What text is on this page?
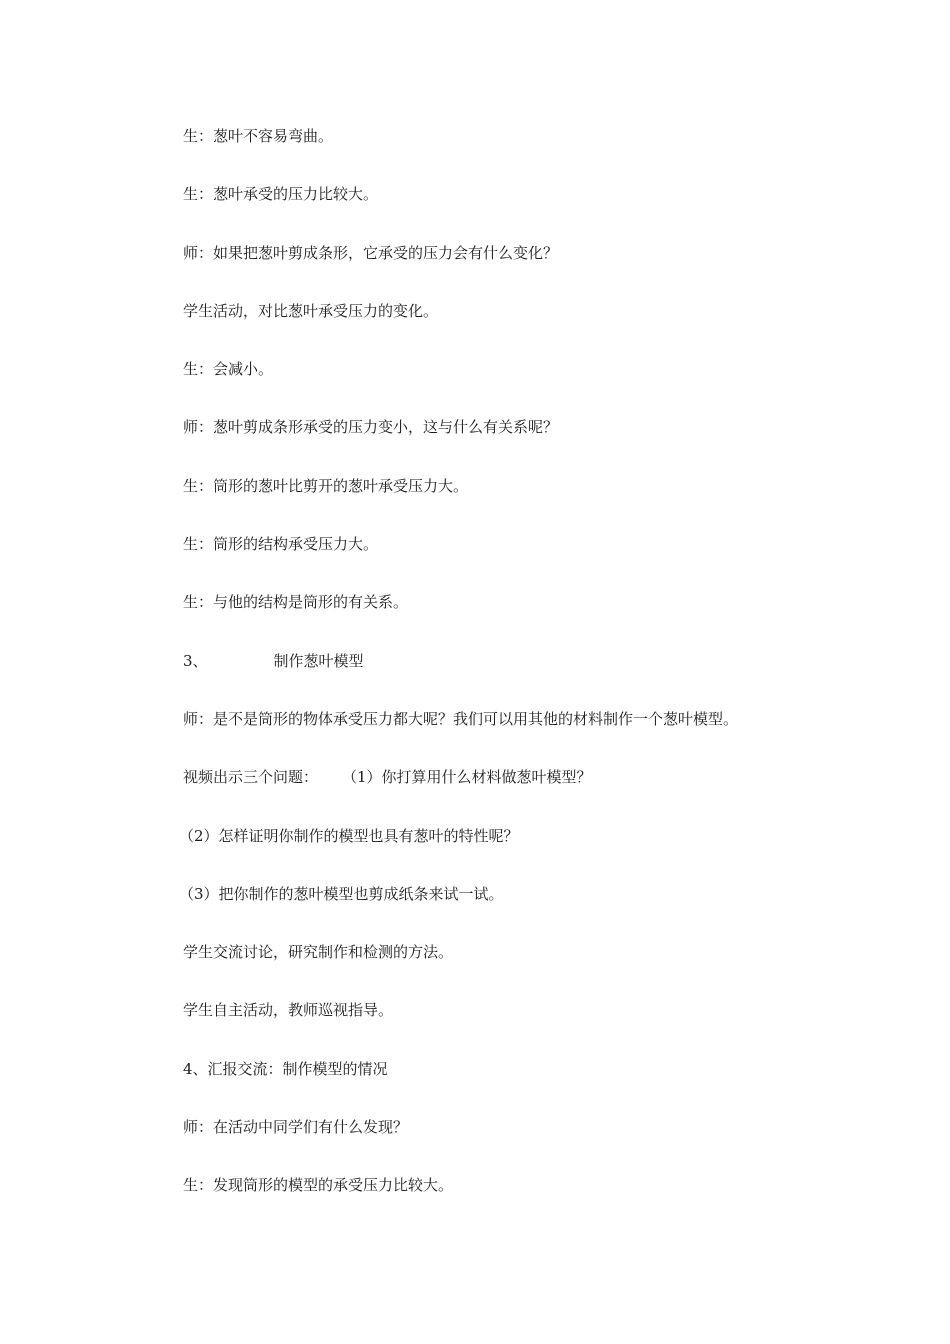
生：葱叶不容易弯曲。

生：葱叶承受的压力比较大。

师：如果把葱叶剪成条形，它承受的压力会有什么变化？

学生活动，对比葱叶承受压力的变化。

生：会减小。

师：葱叶剪成条形承受的压力变小，这与什么有关系呢？

生：筒形的葱叶比剪开的葱叶承受压力大。

生：筒形的结构承受压力大。

生：与他的结构是筒形的有关系。

3、	制作葱叶模型

师：是不是筒形的物体承受压力都大呢？我们可以用其他的材料制作一个葱叶模型。

视频出示三个问题： （1）你打算用什么材料做葱叶模型？

（2）怎样证明你制作的模型也具有葱叶的特性呢？

（3）把你制作的葱叶模型也剪成纸条来试一试。

学生交流讨论，研究制作和检测的方法。

学生自主活动，教师巡视指导。

4、汇报交流：制作模型的情况

师：在活动中同学们有什么发现？

生：发现筒形的模型的承受压力比较大。
